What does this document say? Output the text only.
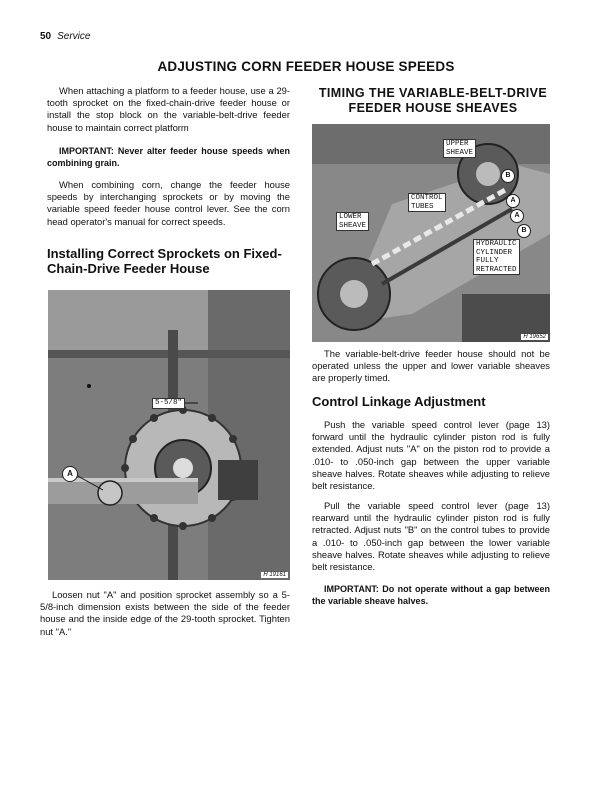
50 Service
ADJUSTING CORN FEEDER HOUSE SPEEDS

When attaching a platform to a feeder house, use a 29-tooth sprocket on the fixed-chain-drive feeder house or install the stop block on the variable-belt-drive feeder house to maintain correct platform

IMPORTANT: Never alter feeder house speeds when combining grain.

When combining corn, change the feeder house speeds by interchanging sprockets or by moving the variable speed feeder house control lever. See the corn head operator's manual for correct speeds.

Installing Correct Sprockets on Fixed-Chain-Drive Feeder House
5-5/8"
A
H 19161

Loosen nut "A" and position sprocket assembly so a 5-5/8-inch dimension exists between the side of the feeder house and the inside edge of the 29-tooth sprocket. Tighten nut "A."

TIMING THE VARIABLE-BELT-DRIVE FEEDER HOUSE SHEAVES
UPPER
SHEAVE
CONTROL
TUBES
LOWER
SHEAVE
HYDRAULIC
CYLINDER
FULLY
RETRACTED
B
A
A
B
H 19652

The variable-belt-drive feeder house should not be operated unless the upper and lower variable sheaves are properly timed.

Control Linkage Adjustment

Push the variable speed control lever (page 13) forward until the hydraulic cylinder piston rod is fully extended. Adjust nuts "A" on the piston rod to provide a .010- to .050-inch gap between the upper variable sheave halves. Rotate sheaves while adjusting to relieve belt resistance.

Pull the variable speed control lever (page 13) rearward until the hydraulic cylinder piston rod is fully retracted. Adjust nuts "B" on the control tubes to provide a .010- to .050-inch gap between the lower variable sheave halves. Rotate sheaves while adjusting to relieve belt resistance.

IMPORTANT: Do not operate without a gap between the variable sheave halves.
